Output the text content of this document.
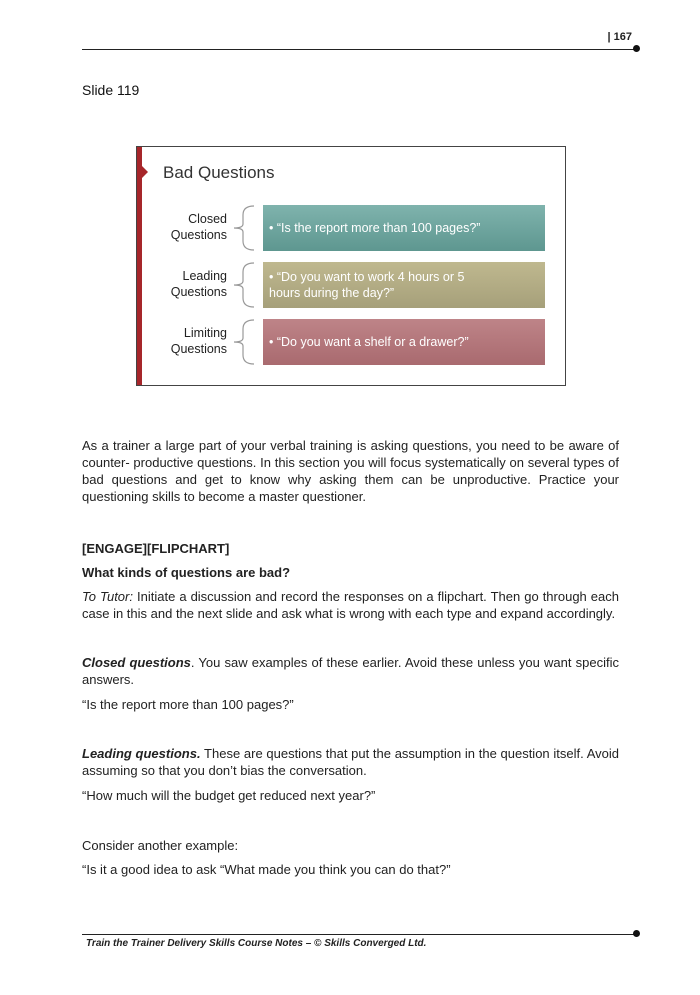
| 167
Slide 119
Bad Questions
Closed
Questions	• “Is the report more than 100 pages?”
Leading
Questions
• “Do you want to work 4 hours or 5 hours during the day?”
Limiting
Questions	• “Do you want a shelf or a drawer?”
As a trainer a large part of your verbal training is asking questions, you need to be aware of counter- productive questions. In this section you will focus systematically on several types of bad questions and get to know why asking them can be unproductive. Practice your questioning skills to become a master questioner.
[ENGAGE][FLIPCHART]
What kinds of questions are bad?
To Tutor: Initiate a discussion and record the responses on a flipchart. Then go through each case in this and the next slide and ask what is wrong with each type and expand accordingly.
Closed questions. You saw examples of these earlier. Avoid these unless you want specific answers.
“Is the report more than 100 pages?”
Leading questions. These are questions that put the assumption in the question itself. Avoid assuming so that you don’t bias the conversation.
“How much will the budget get reduced next year?”
Consider another example:
“Is it a good idea to ask “What made you think you can do that?”
Train the Trainer Delivery Skills Course Notes – © Skills Converged Ltd.
